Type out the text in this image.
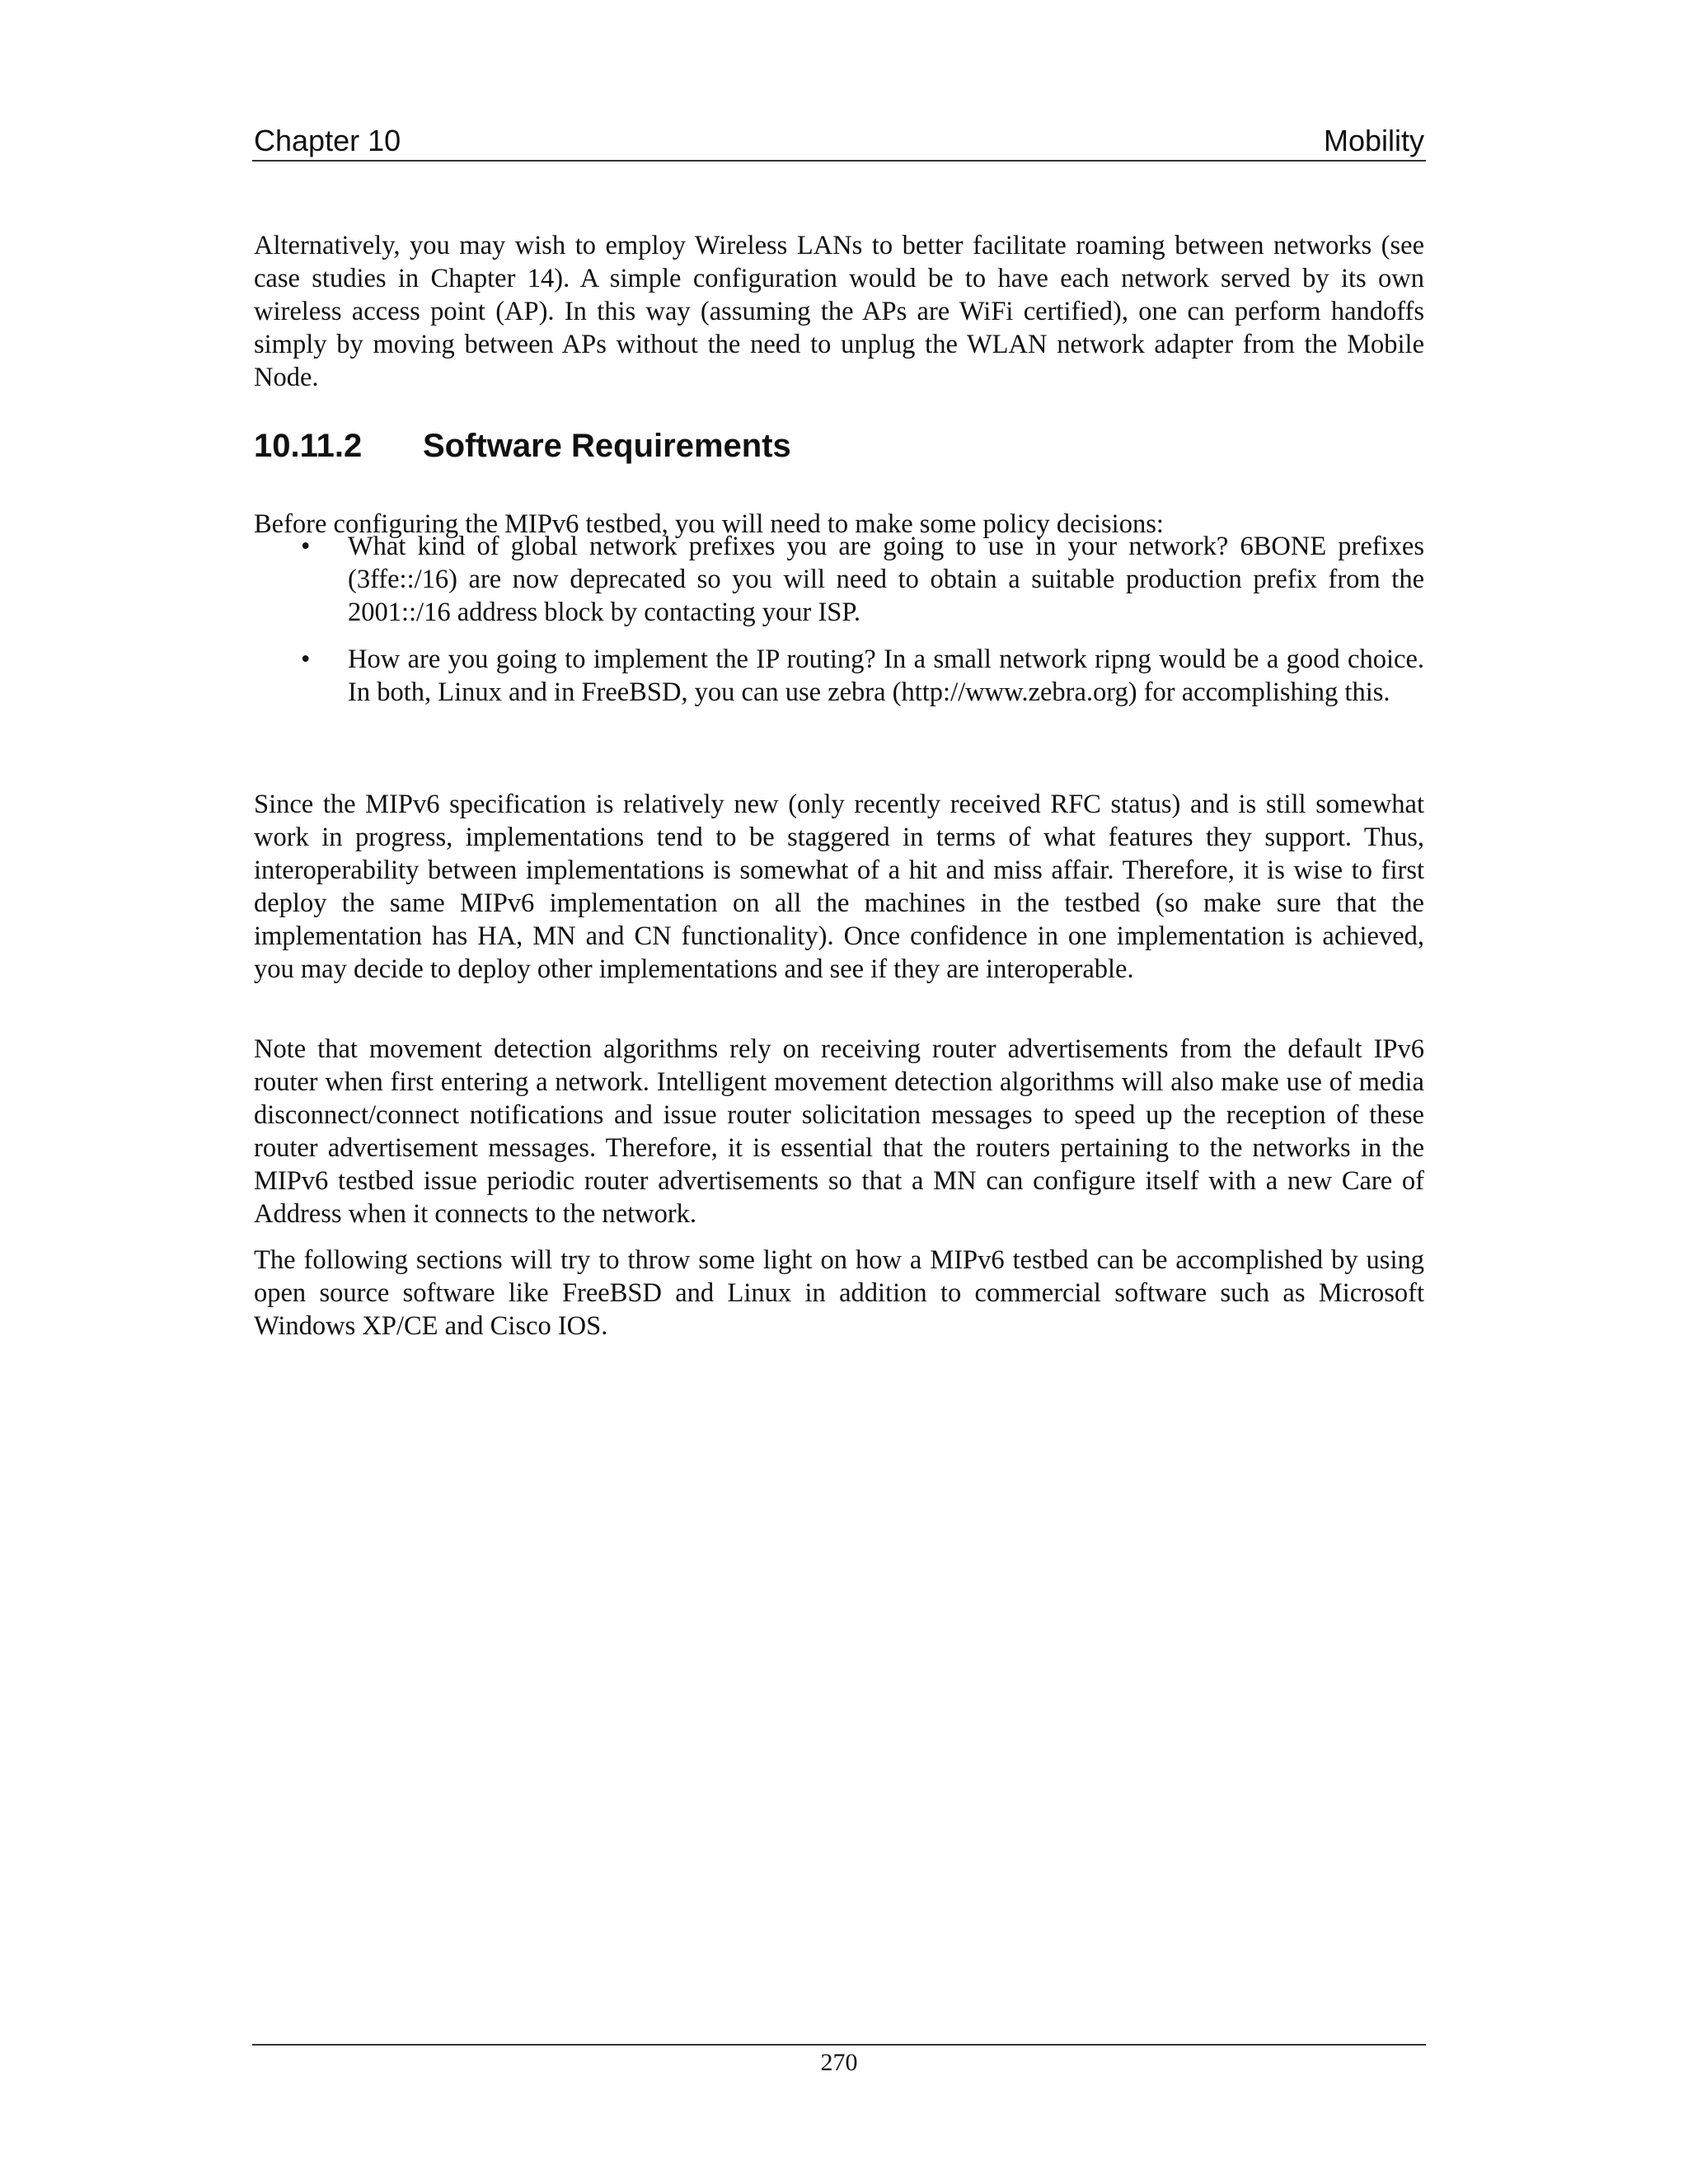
Chapter 10	Mobility

Alternatively, you may wish to employ Wireless LANs to better facilitate roaming between networks (see case studies in Chapter 14). A simple configuration would be to have each network served by its own wireless access point (AP). In this way (assuming the APs are WiFi certified), one can perform handoffs simply by moving between APs without the need to unplug the WLAN network adapter from the Mobile Node.

10.11.2 Software Requirements

Before configuring the MIPv6 testbed, you will need to make some policy decisions:

• What kind of global network prefixes you are going to use in your network? 6BONE prefixes (3ffe::/16) are now deprecated so you will need to obtain a suitable production prefix from the 2001::/16 address block by contacting your ISP.
• How are you going to implement the IP routing? In a small network ripng would be a good choice. In both, Linux and in FreeBSD, you can use zebra (http://www.zebra.org) for accomplishing this.

Since the MIPv6 specification is relatively new (only recently received RFC status) and is still somewhat work in progress, implementations tend to be staggered in terms of what features they support. Thus, interoperability between implementations is somewhat of a hit and miss affair. Therefore, it is wise to first deploy the same MIPv6 implementation on all the machines in the testbed (so make sure that the implementation has HA, MN and CN functionality). Once confidence in one implementation is achieved, you may decide to deploy other implementations and see if they are interoperable.

Note that movement detection algorithms rely on receiving router advertisements from the default IPv6 router when first entering a network. Intelligent movement detection algorithms will also make use of media disconnect/connect notifications and issue router solicitation messages to speed up the reception of these router advertisement messages. Therefore, it is essential that the routers pertaining to the networks in the MIPv6 testbed issue periodic router advertisements so that a MN can configure itself with a new Care of Address when it connects to the network.

The following sections will try to throw some light on how a MIPv6 testbed can be accomplished by using open source software like FreeBSD and Linux in addition to commercial software such as Microsoft Windows XP/CE and Cisco IOS.

270
